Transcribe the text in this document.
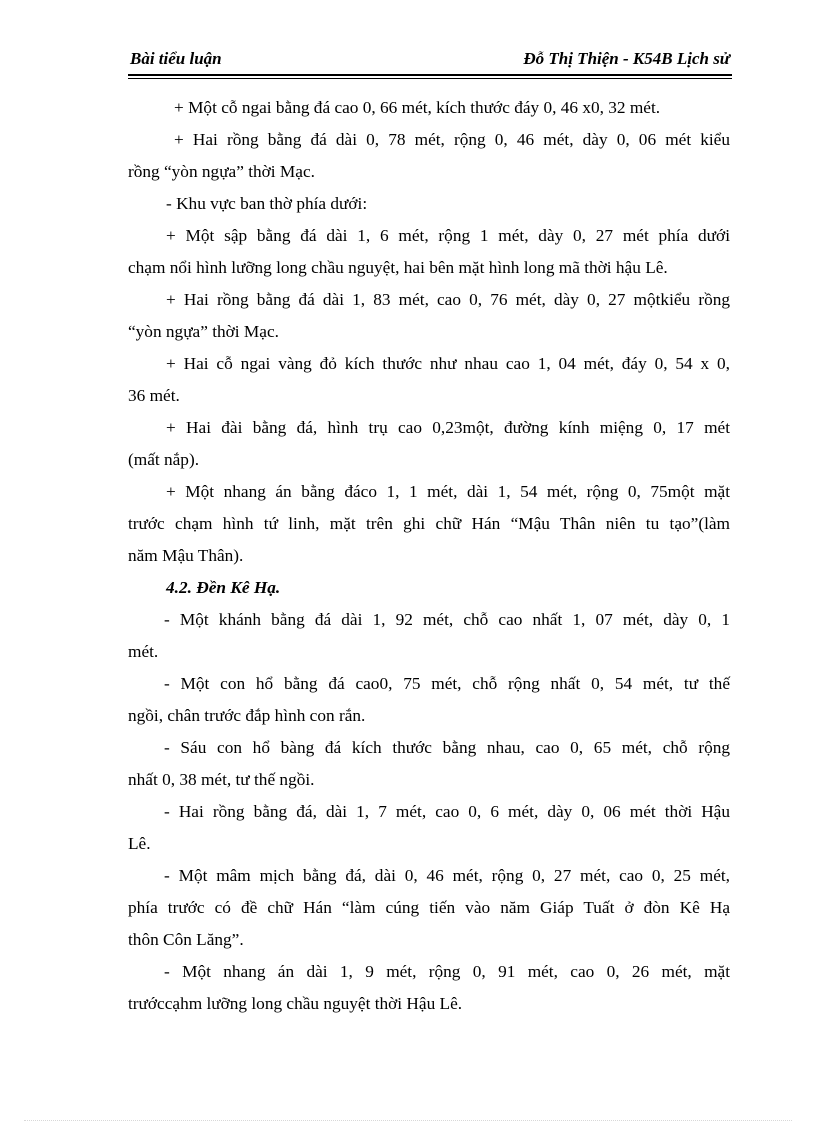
Bài tiểu luận	Đỗ Thị Thiện - K54B Lịch sử

+ Một cỗ ngai bằng đá cao 0, 66 mét, kích thước đáy 0, 46 x0, 32 mét.

+ Hai rồng bằng đá dài 0, 78 mét, rộng 0, 46 mét, dày 0, 06 mét kiểu

rồng “yòn ngựa” thời Mạc.

- Khu vực ban thờ phía dưới:

+ Một sập bằng đá dài 1, 6 mét, rộng 1 mét, dày 0, 27 mét phía dưới

chạm nổi hình lưỡng long chầu nguyệt, hai bên mặt hình long mã thời hậu Lê.

+ Hai rồng bằng đá dài 1, 83 mét, cao 0, 76 mét, dày 0, 27 mộtkiểu rồng

“yòn ngựa” thời Mạc.

+ Hai cỗ ngai vàng đỏ kích thước như nhau cao 1, 04 mét, đáy 0, 54 x 0,

36 mét.

+ Hai đài bằng đá, hình trụ cao 0,23một, đường kính miệng 0, 17 mét

(mất nắp).

+ Một nhang án bằng đáco 1, 1 mét, dài 1, 54 mét, rộng 0, 75một mặt

trước chạm hình tứ linh, mặt trên ghi chữ Hán “Mậu Thân niên tu tạo”(làm

năm Mậu Thân).

4.2. Đền Kê Hạ.

- Một khánh bằng đá dài 1, 92 mét, chỗ cao nhất 1, 07 mét, dày 0, 1

mét.

- Một con hổ bằng đá cao0, 75 mét, chỗ rộng nhất 0, 54 mét, tư thế

ngồi, chân trước đắp hình con rắn.

- Sáu con hổ bàng đá kích thước bằng nhau, cao 0, 65 mét, chỗ rộng

nhất 0, 38 mét, tư thế ngồi.

- Hai rồng bằng đá, dài 1, 7 mét, cao 0, 6 mét, dày 0, 06 mét thời Hậu

Lê.

- Một mâm mịch bằng đá, dài 0, 46 mét, rộng 0, 27 mét, cao 0, 25 mét,

phía trước có đề chữ Hán “làm cúng tiến vào năm Giáp Tuất ở đòn Kê Hạ

thôn Côn Lăng”.

- Một nhang án dài 1, 9 mét, rộng 0, 91 mét, cao 0, 26 mét, mặt

trướccạhm lưỡng long chầu nguyệt thời Hậu Lê.
